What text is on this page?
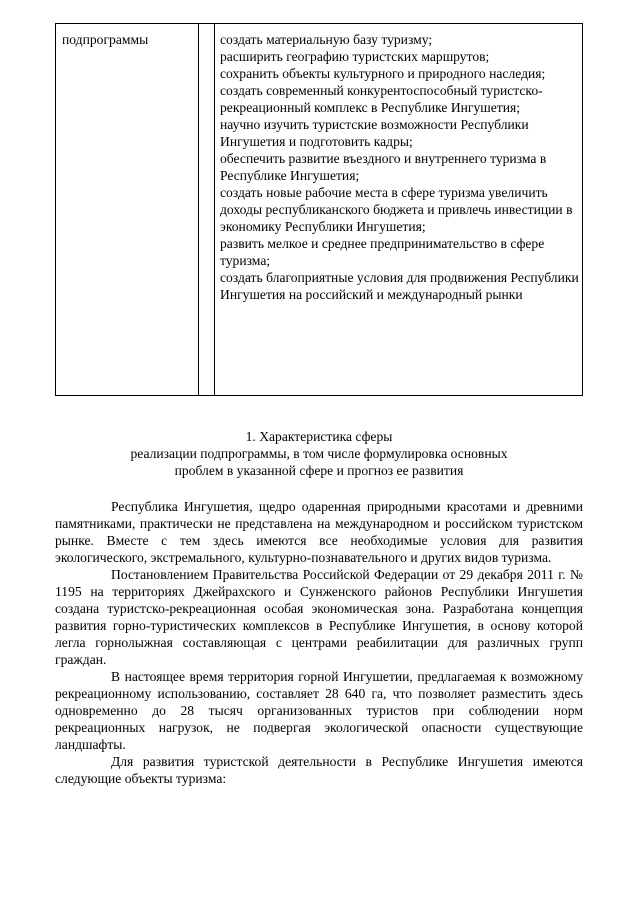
подпрограммы	создать материальную базу туризму;
расширить географию туристских маршрутов;
сохранить объекты культурного и природного наследия;
создать современный конкурентоспособный туристско-рекреационный комплекс в Республике Ингушетия;
научно изучить туристские возможности Республики Ингушетия и подготовить кадры;
обеспечить развитие въездного и внутреннего туризма в Республике Ингушетия;
создать новые рабочие места в сфере туризма увеличить доходы республиканского бюджета и привлечь инвестиции в экономику Республики Ингушетия;
развить мелкое и среднее предпринимательство в сфере туризма;
создать благоприятные условия для продвижения Республики Ингушетия на российский и международный рынки
1. Характеристика сферы
реализации подпрограммы, в том числе формулировка основных
проблем в указанной сфере и прогноз ее развития

Республика Ингушетия, щедро одаренная природными красотами и древними памятниками, практически не представлена на международном и российском туристском рынке. Вместе с тем здесь имеются все необходимые условия для развития экологического, экстремального, культурно-познавательного и других видов туризма.

Постановлением Правительства Российской Федерации от 29 декабря 2011 г. № 1195 на территориях Джейрахского и Сунженского районов Республики Ингушетия создана туристско-рекреационная особая экономическая зона. Разработана концепция развития горно-туристических комплексов в Республике Ингушетия, в основу которой легла горнолыжная составляющая с центрами реабилитации для различных групп граждан.

В настоящее время территория горной Ингушетии, предлагаемая к возможному рекреационному использованию, составляет 28 640 га, что позволяет разместить здесь одновременно до 28 тысяч организованных туристов при соблюдении норм рекреационных нагрузок, не подвергая экологической опасности существующие ландшафты.

Для развития туристской деятельности в Республике Ингушетия имеются следующие объекты туризма:
